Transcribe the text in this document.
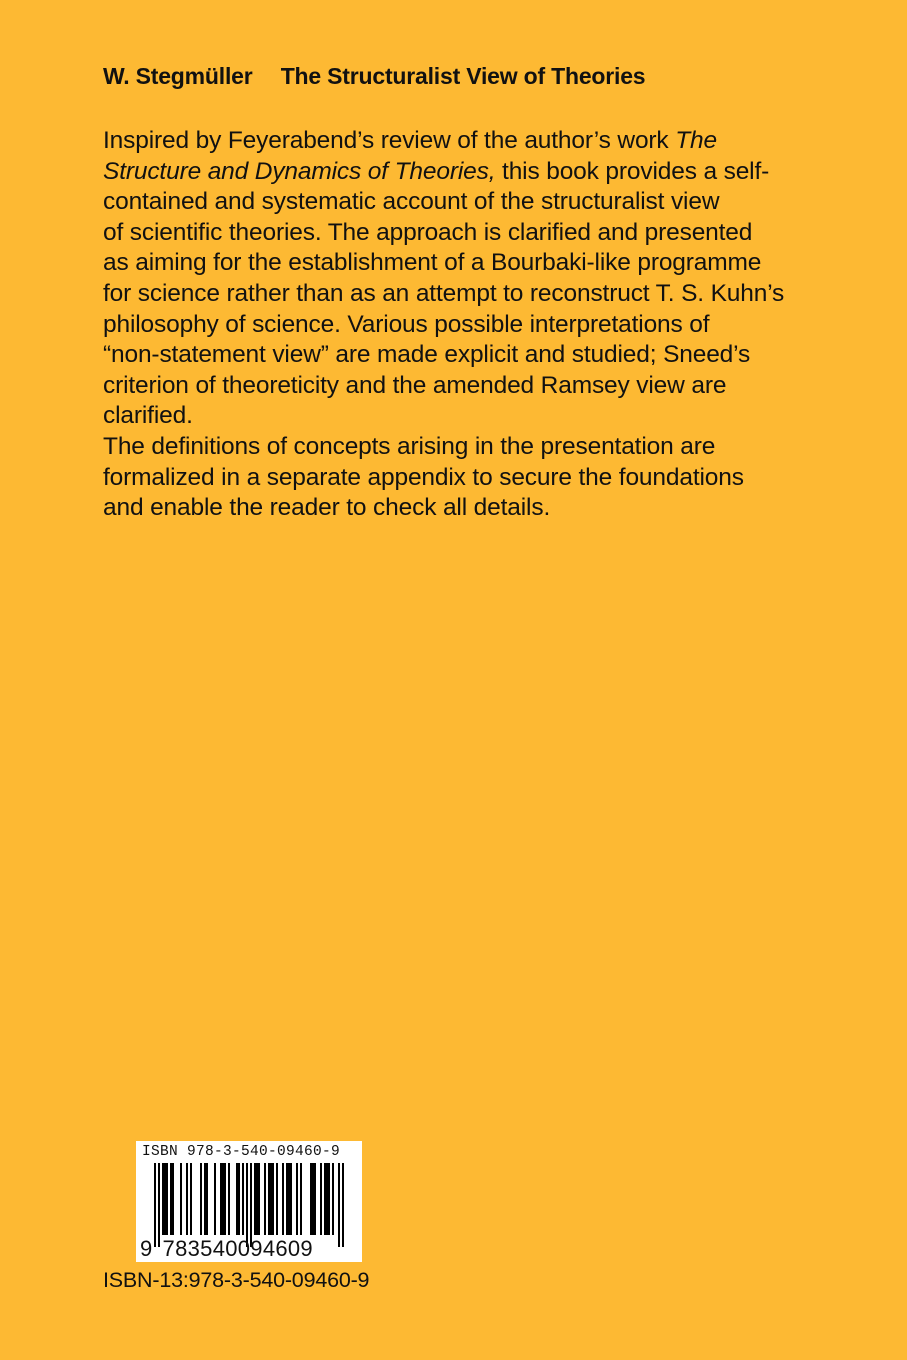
W. Stegmüller The Structuralist View of Theories

Inspired by Feyerabend’s review of the author’s work The
Structure and Dynamics of Theories, this book provides a self-
contained and systematic account of the structuralist view
of scientific theories. The approach is clarified and presented
as aiming for the establishment of a Bourbaki-like programme
for science rather than as an attempt to reconstruct T. S. Kuhn’s
philosophy of science. Various possible interpretations of
“non-statement view” are made explicit and studied; Sneed’s
criterion of theoreticity and the amended Ramsey view are
clarified.

The definitions of concepts arising in the presentation are
formalized in a separate appendix to secure the foundations
and enable the reader to check all details.

ISBN 978-3-540-09460-9
9 783540094609
ISBN-13:978-3-540-09460-9
